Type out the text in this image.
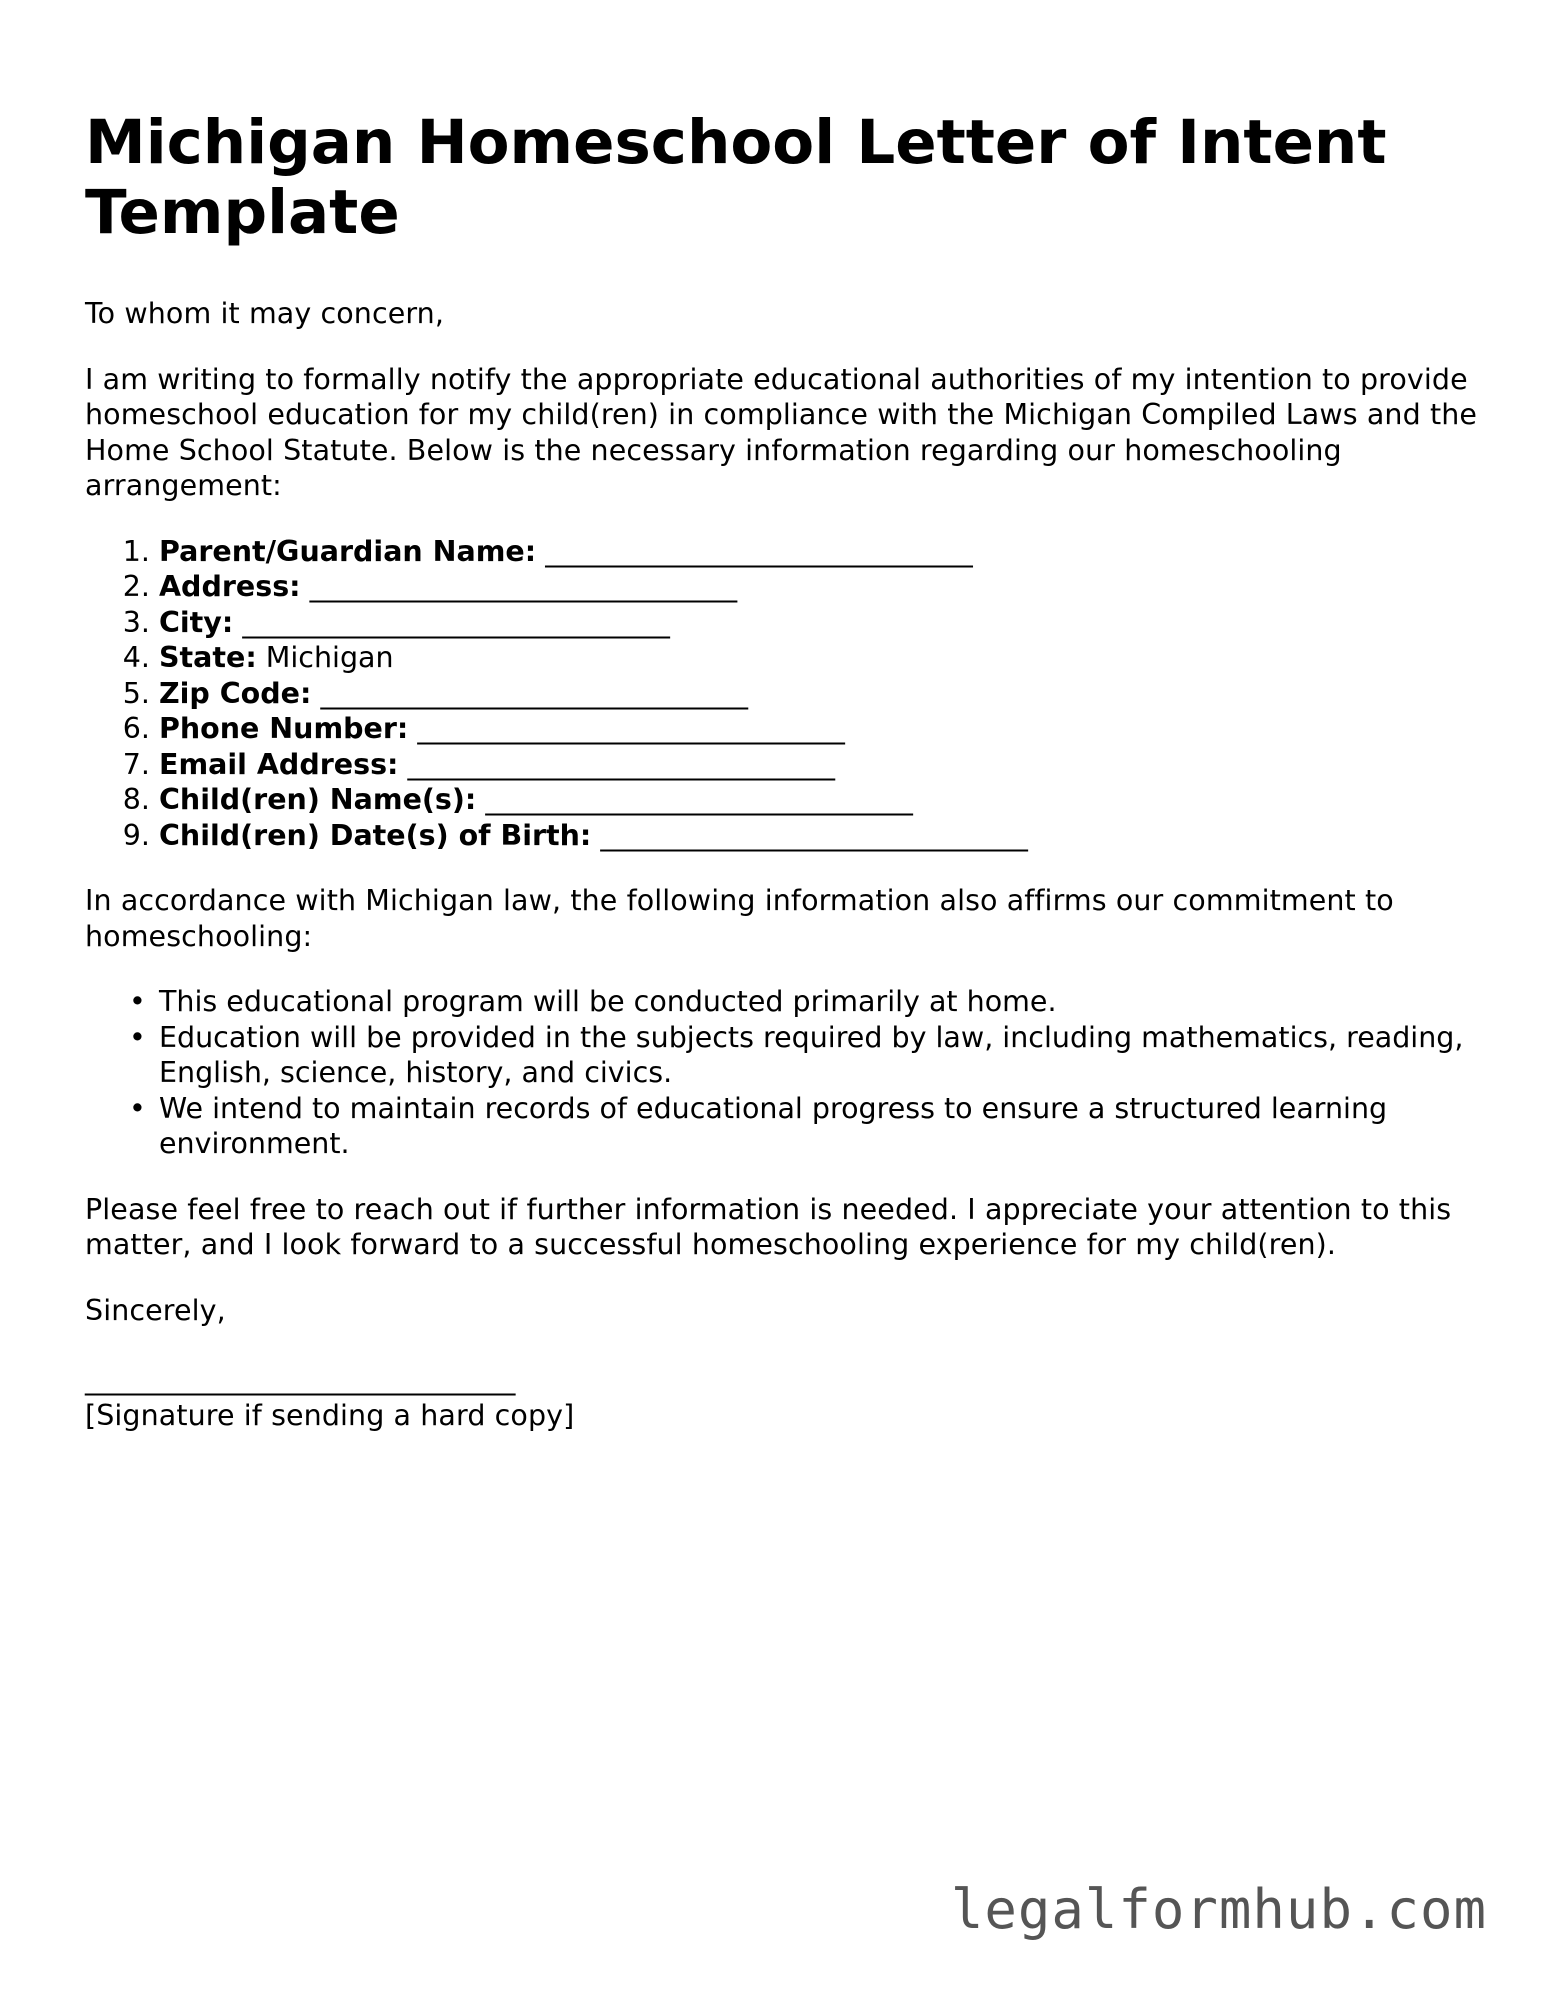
Michigan Homeschool Letter of Intent Template

To whom it may concern,

I am writing to formally notify the appropriate educational authorities of my intention to provide homeschool education for my child(ren) in compliance with the Michigan Compiled Laws and the Home School Statute. Below is the necessary information regarding our homeschooling arrangement:

1. Parent/Guardian Name: ______________________________
2. Address: ______________________________
3. City: ______________________________
4. State: Michigan
5. Zip Code: ______________________________
6. Phone Number: ______________________________
7. Email Address: ______________________________
8. Child(ren) Name(s): ______________________________
9. Child(ren) Date(s) of Birth: ______________________________

In accordance with Michigan law, the following information also affirms our commitment to homeschooling:

• This educational program will be conducted primarily at home.
• Education will be provided in the subjects required by law, including mathematics, reading, English, science, history, and civics.
• We intend to maintain records of educational progress to ensure a structured learning environment.

Please feel free to reach out if further information is needed. I appreciate your attention to this matter, and I look forward to a successful homeschooling experience for my child(ren).

Sincerely,

______________________________
[Signature if sending a hard copy]

legalformhub.com
